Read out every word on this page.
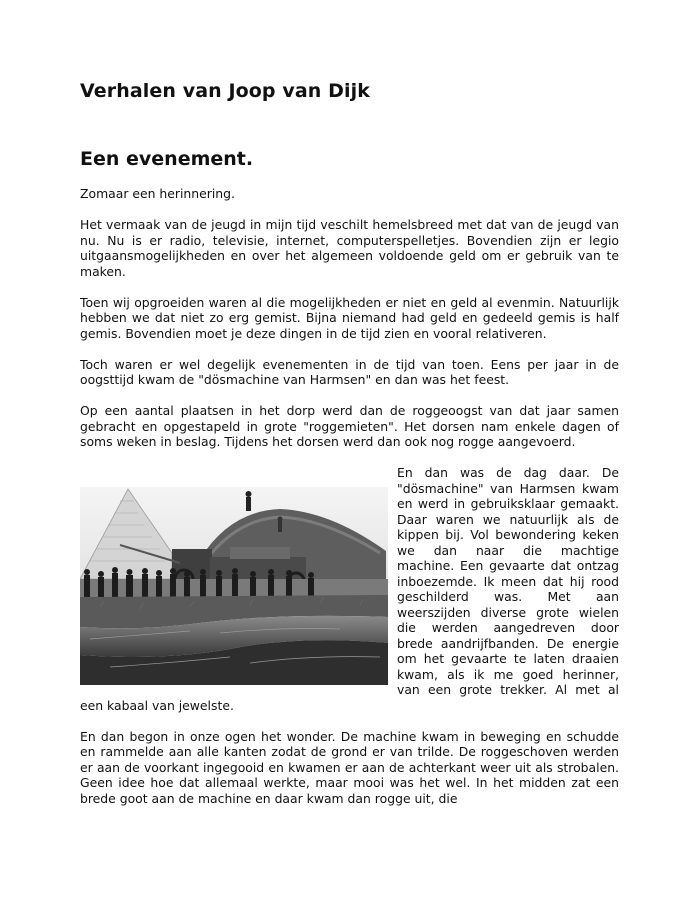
Verhalen van Joop van Dijk
Een evenement.

Zomaar een herinnering.

Het vermaak van de jeugd in mijn tijd veschilt hemelsbreed met dat van de jeugd van nu. Nu is er radio, televisie, internet, computerspelletjes. Bovendien zijn er legio uitgaansmogelijkheden en over het algemeen voldoende geld om er gebruik van te maken.

Toen wij opgroeiden waren al die mogelijkheden er niet en geld al evenmin. Natuurlijk hebben we dat niet zo erg gemist. Bijna niemand had geld en gedeeld gemis is half gemis. Bovendien moet je deze dingen in de tijd zien en vooral relativeren.

Toch waren er wel degelijk evenementen in de tijd van toen. Eens per jaar in de oogsttijd kwam de "dösmachine van Harmsen" en dan was het feest.

Op een aantal plaatsen in het dorp werd dan de roggeoogst van dat jaar samen gebracht en opgestapeld in grote "roggemieten". Het dorsen nam enkele dagen of soms weken in beslag. Tijdens het dorsen werd dan ook nog rogge aangevoerd.

En dan was de dag daar. De "dösmachine" van Harmsen kwam en werd in gebruiksklaar gemaakt. Daar waren we natuurlijk als de kippen bij. Vol bewondering keken we dan naar die machtige machine. Een gevaarte dat ontzag inboezemde. Ik meen dat hij rood geschilderd was. Met aan weerszijden diverse grote wielen die werden aangedreven door brede aandrijfbanden. De energie om het gevaarte te laten draaien kwam, als ik me goed herinner, van een grote trekker. Al met al een kabaal van jewelste.

En dan begon in onze ogen het wonder. De machine kwam in beweging en schudde en rammelde aan alle kanten zodat de grond er van trilde. De roggeschoven werden er aan de voorkant ingegooid en kwamen er aan de achterkant weer uit als strobalen. Geen idee hoe dat allemaal werkte, maar mooi was het wel. In het midden zat een brede goot aan de machine en daar kwam dan rogge uit, die
